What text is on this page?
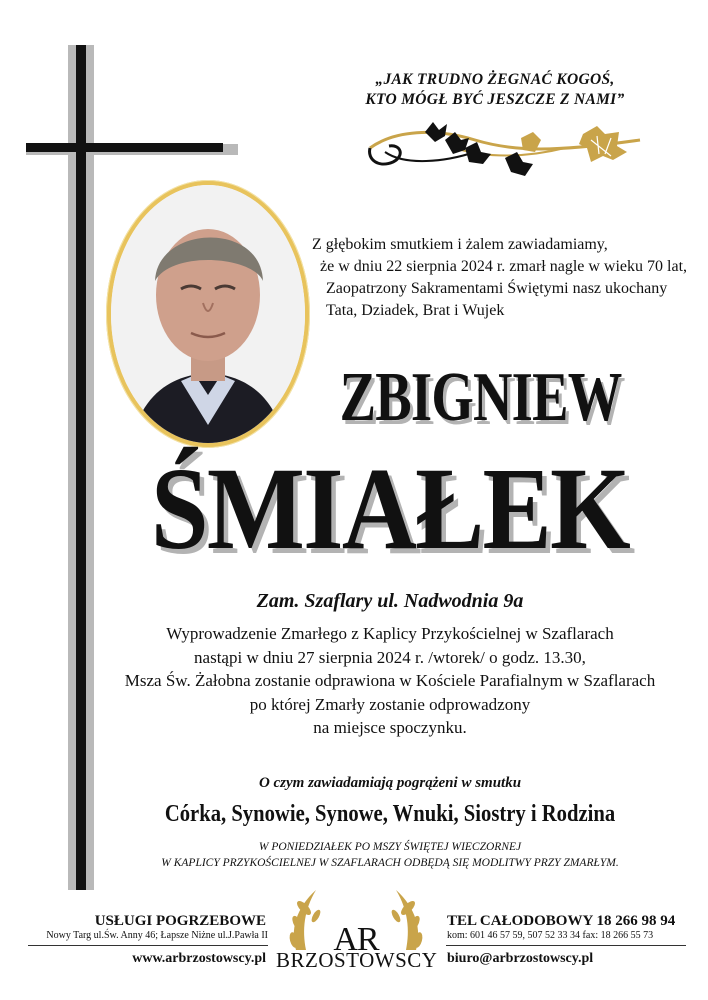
„JAK TRUDNO ŻEGNAĆ KOGOŚ,
KTO MÓGŁ BYĆ JESZCZE Z NAMI”
Z głębokim smutkiem i żalem zawiadamiamy,
że w dniu 22 sierpnia 2024 r. zmarł nagle w wieku 70 lat,
Zaopatrzony Sakramentami Świętymi nasz ukochany
Tata, Dziadek, Brat i Wujek
ZBIGNIEW
ŚMIAŁEK
Zam. Szaflary ul. Nadwodnia 9a
Wyprowadzenie Zmarłego z Kaplicy Przykościelnej w Szaflarach
nastąpi w dniu 27 sierpnia 2024 r. /wtorek/ o godz. 13.30,
Msza Św. Żałobna zostanie odprawiona w Kościele Parafialnym w Szaflarach
po której Zmarły zostanie odprowadzony
na miejsce spoczynku.
O czym zawiadamiają pogrążeni w smutku
Córka, Synowie, Synowe, Wnuki, Siostry i Rodzina
W PONIEDZIAŁEK PO MSZY ŚWIĘTEJ WIECZORNEJ
W KAPLICY PRZYKOŚCIELNEJ W SZAFLARACH ODBĘDĄ SIĘ MODLITWY PRZY ZMARŁYM.
USŁUGI POGRZEBOWE
Nowy Targ ul.Św. Anny 46; Łapsze Niżne ul.J.Pawła II
www.arbrzostowscy.pl
AR
BRZOSTOWSCY
TEL CAŁODOBOWY 18 266 98 94
kom: 601 46 57 59, 507 52 33 34 fax: 18 266 55 73
biuro@arbrzostowscy.pl
